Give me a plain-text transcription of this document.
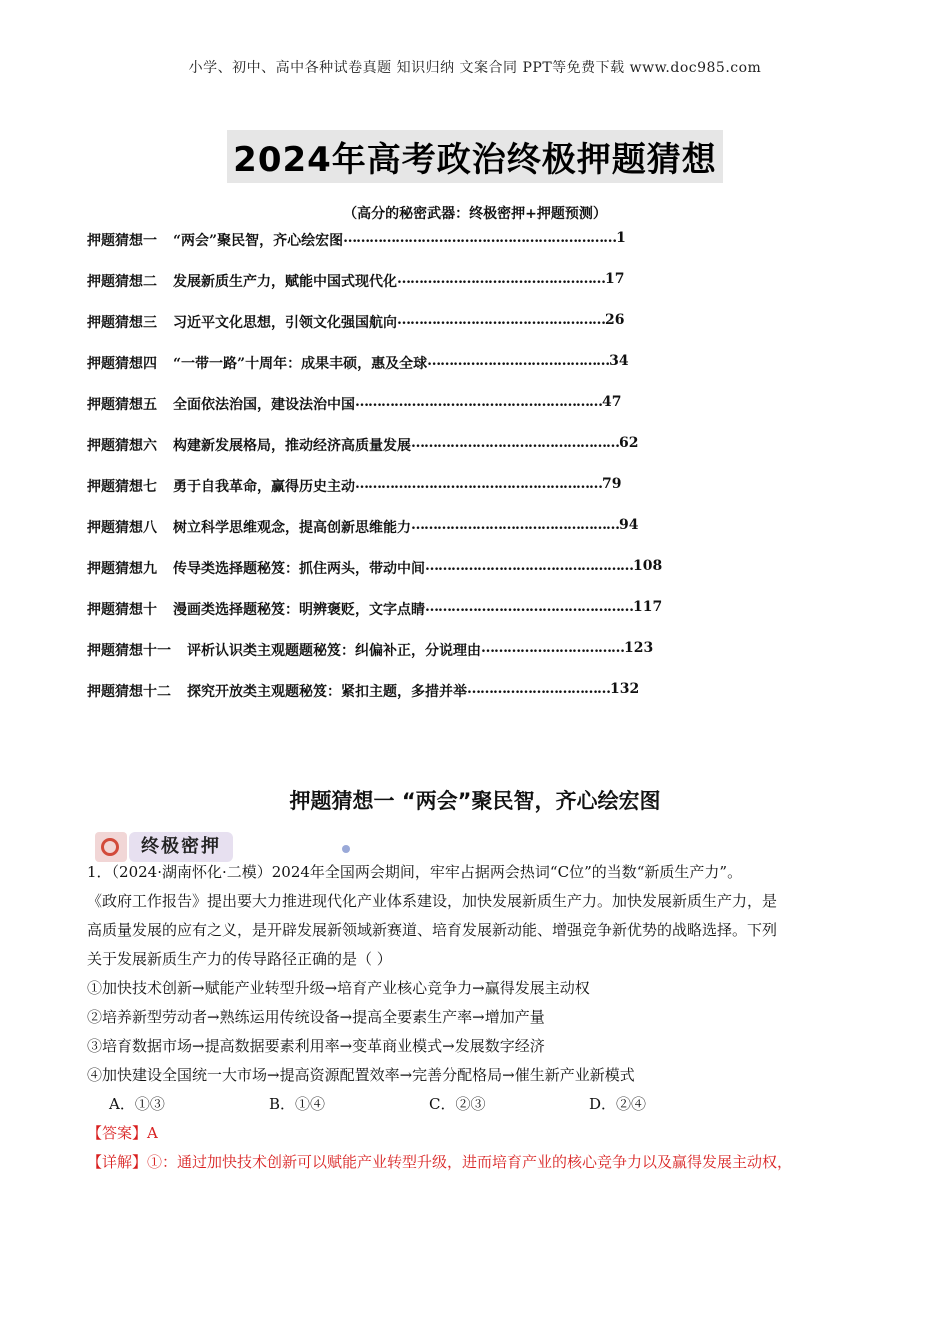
小学、初中、高中各种试卷真题 知识归纳 文案合同 PPT等免费下载 www.doc985.com
2024年高考政治终极押题猜想
（高分的秘密武器：终极密押+押题预测）
押题猜想一 “两会”聚民智，齐心绘宏图 ……………………………………………………… 1
押题猜想二 发展新质生产力，赋能中国式现代化 ………………………………………… 17
押题猜想三 习近平文化思想，引领文化强国航向 ………………………………………… 26
押题猜想四 “一带一路”十周年：成果丰硕，惠及全球 …………………………………… 34
押题猜想五 全面依法治国，建设法治中国 ………………………………………………… 47
押题猜想六 构建新发展格局，推动经济高质量发展 ………………………………………… 62
押题猜想七 勇于自我革命，赢得历史主动 ………………………………………………… 79
押题猜想八 树立科学思维观念，提高创新思维能力 ………………………………………… 94
押题猜想九 传导类选择题秘笈：抓住两头，带动中间 ………………………………………… 108
押题猜想十 漫画类选择题秘笈：明辨褒贬，文字点睛 ………………………………………… 117
押题猜想十一 评析认识类主观题题秘笈：纠偏补正，分说理由 …………………………… 123
押题猜想十二 探究开放类主观题秘笈：紧扣主题，多措并举 …………………………… 132
押题猜想一 “两会”聚民智，齐心绘宏图
终极密押

1．（2024·湖南怀化·二模）2024年全国两会期间，牢牢占据两会热词“C位”的当数“新质生产力”。

《政府工作报告》提出要大力推进现代化产业体系建设，加快发展新质生产力。加快发展新质生产力，是

高质量发展的应有之义，是开辟发展新领域新赛道、培育发展新动能、增强竞争新优势的战略选择。下列

关于发展新质生产力的传导路径正确的是（ ）

①加快技术创新→赋能产业转型升级→培育产业核心竞争力→赢得发展主动权

②培养新型劳动者→熟练运用传统设备→提高全要素生产率→增加产量

③培育数据市场→提高数据要素利用率→变革商业模式→发展数字经济

④加快建设全国统一大市场→提高资源配置效率→完善分配格局→催生新产业新模式

A．①③	B．①④	C．②③	D．②④

【答案】A

【详解】①：通过加快技术创新可以赋能产业转型升级，进而培育产业的核心竞争力以及赢得发展主动权，
